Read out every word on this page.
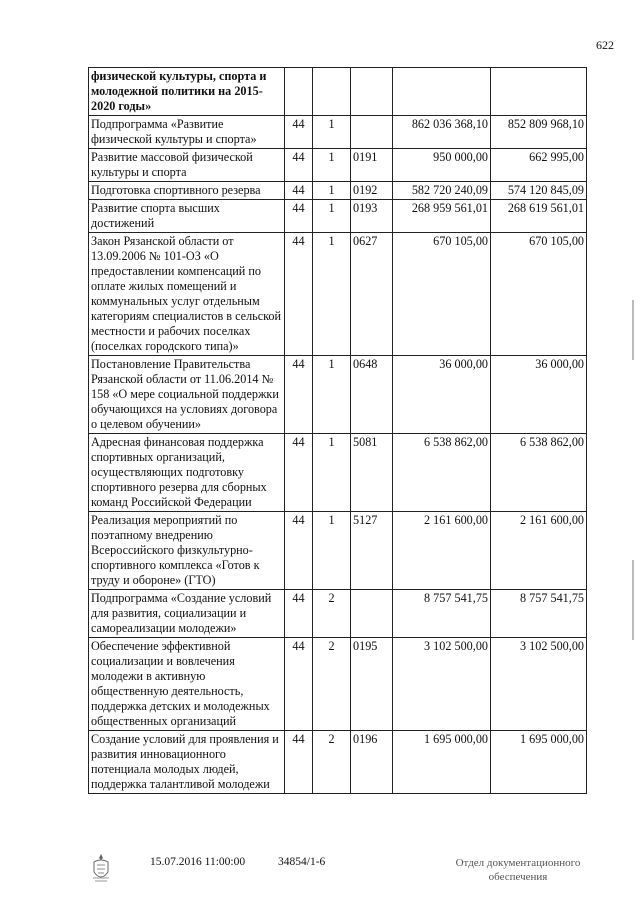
622
физической культуры, спорта и молодежной политики на 2015-2020 годы»					
Подпрограмма «Развитие физической культуры и спорта»	44	1		862 036 368,10	852 809 968,10
Развитие массовой физической культуры и спорта	44	1	0191	950 000,00	662 995,00
Подготовка спортивного резерва	44	1	0192	582 720 240,09	574 120 845,09
Развитие спорта высших достижений	44	1	0193	268 959 561,01	268 619 561,01
Закон Рязанской области от 13.09.2006 № 101-ОЗ «О предоставлении компенсаций по оплате жилых помещений и коммунальных услуг отдельным категориям специалистов в сельской местности и рабочих поселках (поселках городского типа)»	44	1	0627	670 105,00	670 105,00
Постановление Правительства Рязанской области от 11.06.2014 № 158 «О мере социальной поддержки обучающихся на условиях договора о целевом обучении»	44	1	0648	36 000,00	36 000,00
Адресная финансовая поддержка спортивных организаций, осуществляющих подготовку спортивного резерва для сборных команд Российской Федерации	44	1	5081	6 538 862,00	6 538 862,00
Реализация мероприятий по поэтапному внедрению Всероссийского физкультурно-спортивного комплекса «Готов к труду и обороне» (ГТО)	44	1	5127	2 161 600,00	2 161 600,00
Подпрограмма «Создание условий для развития, социализации и самореализации молодежи»	44	2		8 757 541,75	8 757 541,75
Обеспечение эффективной социализации и вовлечения молодежи в активную общественную деятельность, поддержка детских и молодежных общественных организаций	44	2	0195	3 102 500,00	3 102 500,00
Создание условий для проявления и развития инновационного потенциала молодых людей, поддержка талантливой молодежи	44	2	0196	1 695 000,00	1 695 000,00
15.07.2016 11:00:00	34854/1-6	Отдел документационного
обеспечения
